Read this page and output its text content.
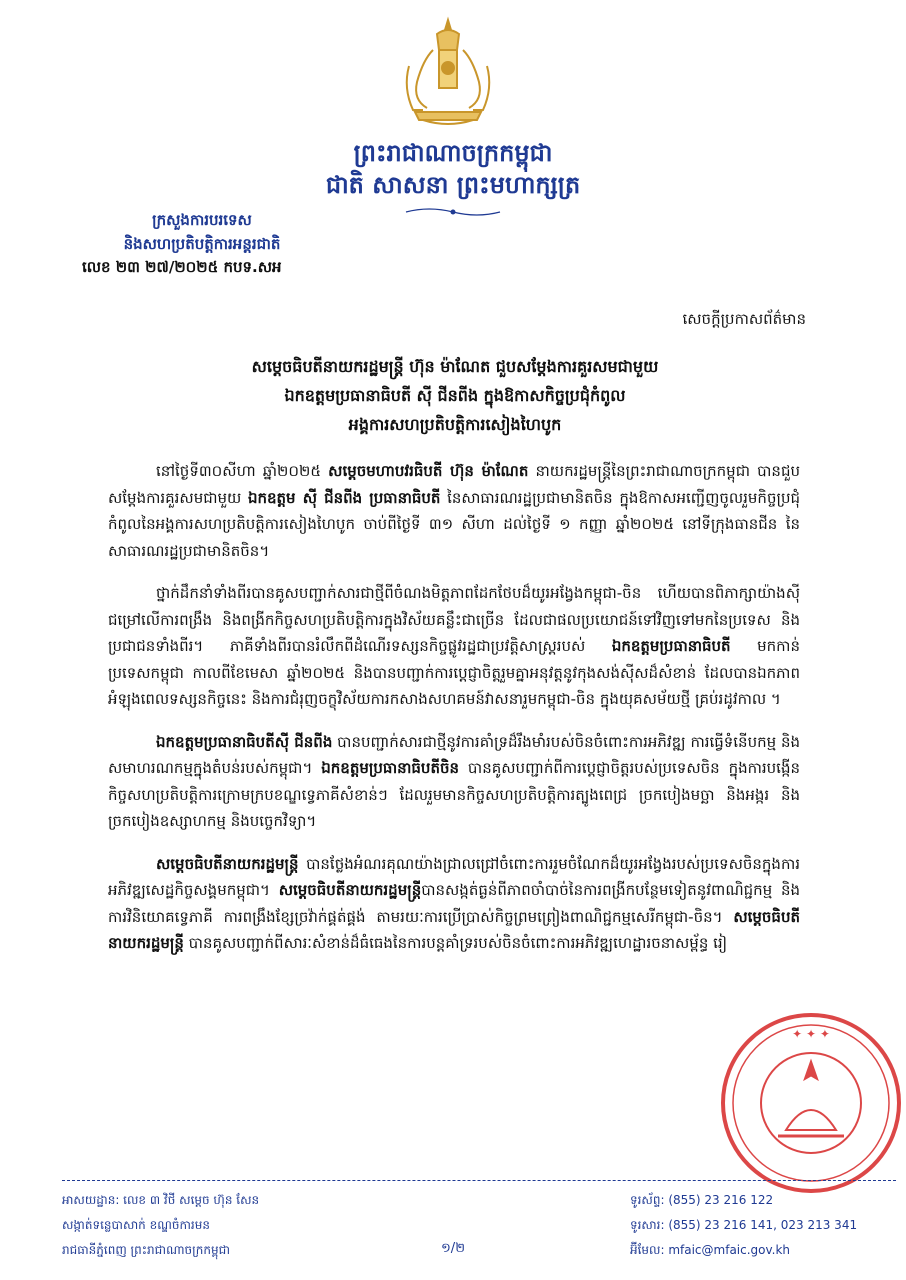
ព្រះរាជាណាចក្រកម្ពុជា
ជាតិ សាសនា ព្រះមហាក្សត្រ
ក្រសួងការបរទេស
និងសហប្រតិបត្តិការអន្តរជាតិ
លេខ ២៣ ២៧/២០២៥ កបទ.សអ
សេចក្តីប្រកាសព័ត៌មាន
សម្តេចធិបតីនាយករដ្ឋមន្ត្រី ហ៊ុន ម៉ាណែត ជួបសម្តែងការគួរសមជាមួយ
ឯកឧត្តមប្រធានាធិបតី ស៊ី ជីនពីង ក្នុងឱកាសកិច្ចប្រជុំកំពូល
អង្គការសហប្រតិបត្តិការសៀងហៃបូក

នៅថ្ងៃទី៣០សីហា ឆ្នាំ២០២៥ សម្តេចមហាបវរធិបតី ហ៊ុន ម៉ាណែត នាយករដ្ឋមន្ត្រីនៃព្រះរាជាណាចក្រកម្ពុជា បានជួបសម្តែងការគួរសមជាមួយ ឯកឧត្តម ស៊ី ជីនពីង ប្រធានាធិបតី នៃសាធារណរដ្ឋប្រជាមានិតចិន ក្នុងឱកាសអញ្ជើញចូលរួមកិច្ចប្រជុំកំពូលនៃអង្គការសហប្រតិបត្តិការសៀងហៃបូក ចាប់ពីថ្ងៃទី ៣១ សីហា ដល់ថ្ងៃទី ១ កញ្ញា ឆ្នាំ២០២៥ នៅទីក្រុងធានជីន នៃសាធារណរដ្ឋប្រជាមានិតចិន។

ថ្នាក់ដឹកនាំទាំងពីរបានគូសបញ្ជាក់សារជាថ្មីពីចំណងមិត្តភាពដែកថែបដ៏យូរអង្វែងកម្ពុជា-ចិន ហើយបានពិភាក្សាយ៉ាងស៊ីជម្រៅលើការពង្រឹង និងពង្រីកកិច្ចសហប្រតិបត្តិការក្នុងវិស័យគន្លឹះជាច្រើន ដែលជាផលប្រយោជន៍ទៅវិញទៅមកនៃប្រទេស និងប្រជាជនទាំងពីរ។ ភាគីទាំងពីរបានរំលឹកពីដំណើរទស្សនកិច្ចផ្លូវរដ្ឋជាប្រវត្តិសាស្ត្ររបស់ ឯកឧត្តមប្រធានាធិបតី មកកាន់ប្រទេសកម្ពុជា កាលពីខែមេសា ឆ្នាំ២០២៥ និងបានបញ្ជាក់ការប្តេជ្ញាចិត្តរួមគ្នាអនុវត្តនូវកុងសង់ស៊ីសដ៏សំខាន់ ដែលបានឯកភាពអំឡុងពេលទស្សនកិច្ចនេះ និងការជំរុញចក្ខុវិស័យការកសាងសហគមន៍វាសនារួមកម្ពុជា-ចិន ក្នុងយុគសម័យថ្មី គ្រប់រដូវកាល ។

ឯកឧត្តមប្រធានាធិបតីស៊ី ជីនពីង បានបញ្ជាក់សារជាថ្មីនូវការគាំទ្រដ៏រឹងមាំរបស់ចិនចំពោះការអភិវឌ្ឍ ការធ្វើទំនើបកម្ម និងសមាហរណកម្មក្នុងតំបន់របស់កម្ពុជា។ ឯកឧត្តមប្រធានាធិបតីចិន បានគូសបញ្ជាក់ពីការប្តេជ្ញាចិត្តរបស់ប្រទេសចិន ក្នុងការបង្កើនកិច្ចសហប្រតិបត្តិការក្រោមក្របខណ្ឌទ្វេភាគីសំខាន់ៗ ដែលរួមមានកិច្ចសហប្រតិបត្តិការត្បូងពេជ្រ ច្រកបៀងមច្ឆា និងអង្ករ និងច្រកបៀងឧស្សាហកម្ម និងបច្ចេកវិទ្យា។

សម្តេចធិបតីនាយករដ្ឋមន្ត្រី បានថ្លែងអំណរគុណយ៉ាងជ្រាលជ្រៅចំពោះការរួមចំណែកដ៏យូរអង្វែងរបស់ប្រទេសចិនក្នុងការអភិវឌ្ឍសេដ្ឋកិច្ចសង្គមកម្ពុជា។ សម្តេចធិបតីនាយករដ្ឋមន្ត្រីបានសង្កត់ធ្ងន់ពីភាពចាំបាច់នៃការពង្រីកបន្ថែមទៀតនូវពាណិជ្ជកម្ម និងការវិនិយោគទ្វេភាគី ការពង្រឹងខ្សែច្រវ៉ាក់ផ្គត់ផ្គង់ តាមរយៈការប្រើប្រាស់កិច្ចព្រមព្រៀងពាណិជ្ជកម្មសេរីកម្ពុជា-ចិន។ សម្តេចធិបតីនាយករដ្ឋមន្ត្រី បានគូសបញ្ជាក់ពីសារៈសំខាន់ដ៏ធំធេងនៃការបន្តគាំទ្ររបស់ចិនចំពោះការអភិវឌ្ឍហេដ្ឋារចនាសម្ព័ន្ធ រៀ

✦ ✦ ✦
អាសយដ្ឋាន: លេខ ៣ វិថី សម្តេច ហ៊ុន សែន
សង្កាត់ទន្លេបាសាក់ ខណ្ឌចំការមន
រាជធានីភ្នំពេញ ព្រះរាជាណាចក្រកម្ពុជា
ទូរស័ព្ទ: (855) 23 216 122
ទូរសារ: (855) 23 216 141, 023 213 341
អ៊ីមែល: mfaic@mfaic.gov.kh
១/២
